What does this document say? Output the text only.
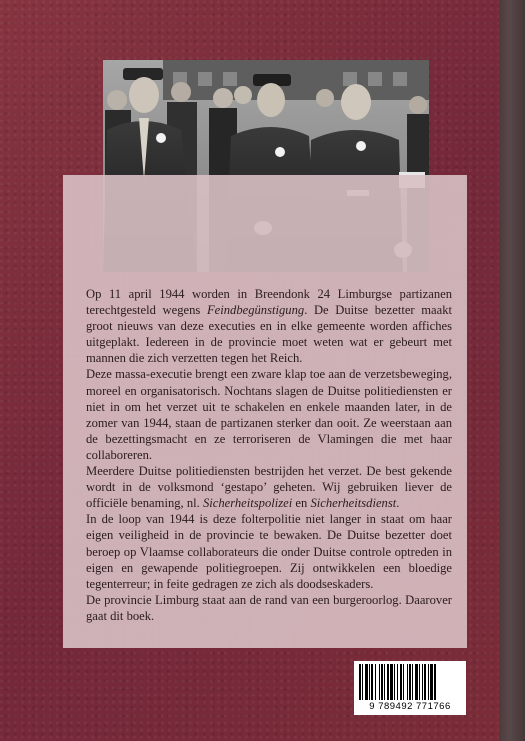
Op 11 april 1944 worden in Breendonk 24 Limburgse partizanen terechtgesteld wegens Feindbegünstigung. De Duitse bezetter maakt groot nieuws van deze executies en in elke gemeente worden affiches uitgeplakt. Iedereen in de provincie moet weten wat er gebeurt met mannen die zich verzetten tegen het Reich.

Deze massa-executie brengt een zware klap toe aan de verzetsbeweging, moreel en organisatorisch. Nochtans slagen de Duitse politiediensten er niet in om het verzet uit te schakelen en enkele maanden later, in de zomer van 1944, staan de partizanen sterker dan ooit. Ze weerstaan aan de bezettingsmacht en ze terroriseren de Vlamingen die met haar collaboreren.

Meerdere Duitse politiediensten bestrijden het verzet. De best gekende wordt in de volksmond ‘gestapo’ geheten. Wij gebruiken liever de officiële benaming, nl. Sicherheitspolizei en Sicherheitsdienst.

In de loop van 1944 is deze folterpolitie niet langer in staat om haar eigen veiligheid in de provincie te bewaken. De Duitse bezetter doet beroep op Vlaamse collaborateurs die onder Duitse controle optreden in eigen en gewapende politiegroepen. Zij ontwikkelen een bloedige tegenterreur; in feite gedragen ze zich als doodseskaders.

De provincie Limburg staat aan de rand van een burgeroorlog. Daarover gaat dit boek.

9 789492 771766
